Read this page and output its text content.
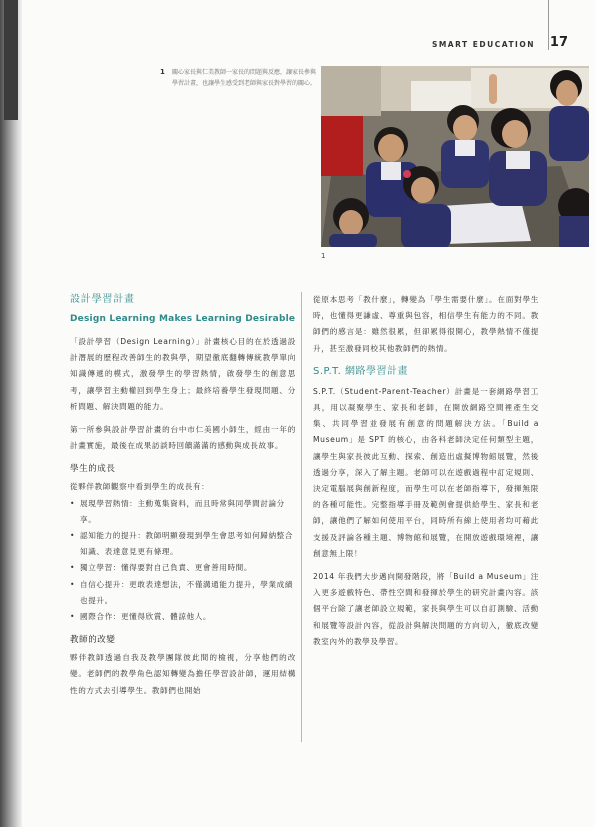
SMART EDUCATION 17
1 關心家長與仁美教師一家長的問題與反應，讓家長參與學習計畫，也讓學生感受到老師與家長對學習的關心。
1
設計學習計畫
Design Learning Makes Learning Desirable

「設計學習（Design Learning）」計畫核心目的在於透過設計潛展的歷程改善師生的教與學，期望徹底翻轉傳統教學單向知識傳遞的模式，激發學生的學習熱情，啟發學生的創意思考，讓學習主動權回到學生身上；最終培養學生發現問題、分析問題、解決問題的能力。

第一所參與設計學習計畫的台中市仁美國小師生，經由一年的計畫實施，最後在成果訪談時回饋滿滿的感動與成長故事。

學生的成長

從夥伴教師觀察中看到學生的成長有：

• 展現學習熱情：主動蒐集資料，而且時常與同學間討論分享。
• 認知能力的提升：教師明顯發現到學生會思考如何歸納整合知識、表達意見更有條理。
• 獨立學習：懂得要對自己負責、更會善用時間。
• 自信心提升：更敢表達想法，不僅溝通能力提升，學業成績也提升。
• 國際合作：更懂得欣賞、體諒他人。
教師的改變

夥伴教師透過自我及教學團隊彼此間的檢視，分享他們的改變。老師們的教學角色認知轉變為擔任學習設計師，運用結構性的方式去引導學生。教師們也開始

從原本思考「教什麼」，轉變為「學生需要什麼」。在面對學生時，也懂得更謙虛、尊重與包容，相信學生有能力的不同。教師們的感言是：雖然很累，但卻累得很開心，教學熱情不僅提升，甚至激發同校其他教師們的熱情。

S.P.T. 網路學習計畫

S.P.T.（Student-Parent-Teacher）計畫是一套網路學習工具，用以凝聚學生、家長和老師，在開放網路空間裡產生交集、共同學習並發展有創意的問題解決方法。「Build a Museum」是 SPT 的核心，由各科老師決定任何類型主題，讓學生與家長彼此互動、探索、創造出虛擬博物館展覽，然後透過分享，深入了解主題。老師可以在遊戲過程中訂定規則、決定電腦展與創新程度，而學生可以在老師指導下，發揮無限的各種可能性。完整指導手冊及範例會提供給學生、家長和老師，讓他們了解如何使用平台，同時所有線上使用者均可藉此支援及評論各種主題、博物館和展覽，在開放遊戲環境裡，讓創意無上限！

2014 年我們大步邁向開發階段，將「Build a Museum」注入更多遊戲特色、帶性空間和發揮於學生的研究計畫內容。該個平台除了讓老師設立規範，家長與學生可以自訂測驗、活動和展覽等設計內容，從設計與解決問題的方向切入，徹底改變教室內外的教學及學習。
